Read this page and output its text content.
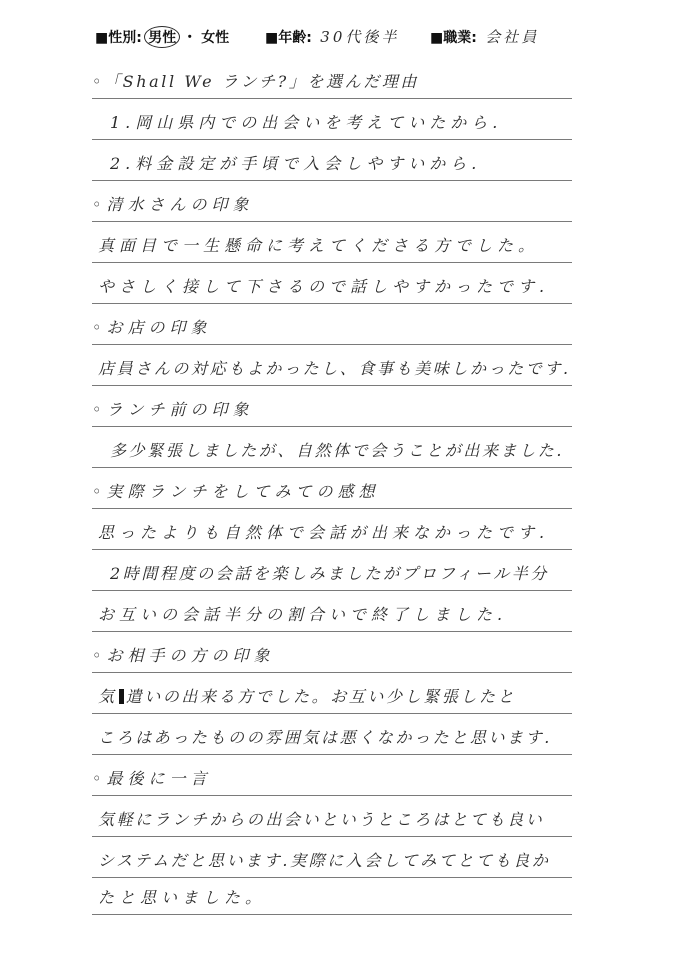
■性別: 男性 ・ 女性	■年齢: 30代後半 ■職業: 会社員
◦「Shall We ランチ?」を選んだ理由
1.岡山県内での出会いを考えていたから.
2.料金設定が手頃で入会しやすいから.
◦清水さんの印象
真面目で一生懸命に考えてくださる方でした。
やさしく接して下さるので話しやすかったです.
◦お店の印象
店員さんの対応もよかったし、食事も美味しかったです.
◦ランチ前の印象
多少緊張しましたが、自然体で会うことが出来ました.
◦実際ランチをしてみての感想
思ったよりも自然体で会話が出来なかったです.
2時間程度の会話を楽しみましたがプロフィール半分
お互いの会話半分の割合いで終了しました.
◦お相手の方の印象
気 遣いの出来る方でした。お互い少し緊張したと
ころはあったものの雰囲気は悪くなかったと思います.
◦最後に一言
気軽にランチからの出会いというところはとても良い
システムだと思います.実際に入会してみてとても良か
たと思いました。
